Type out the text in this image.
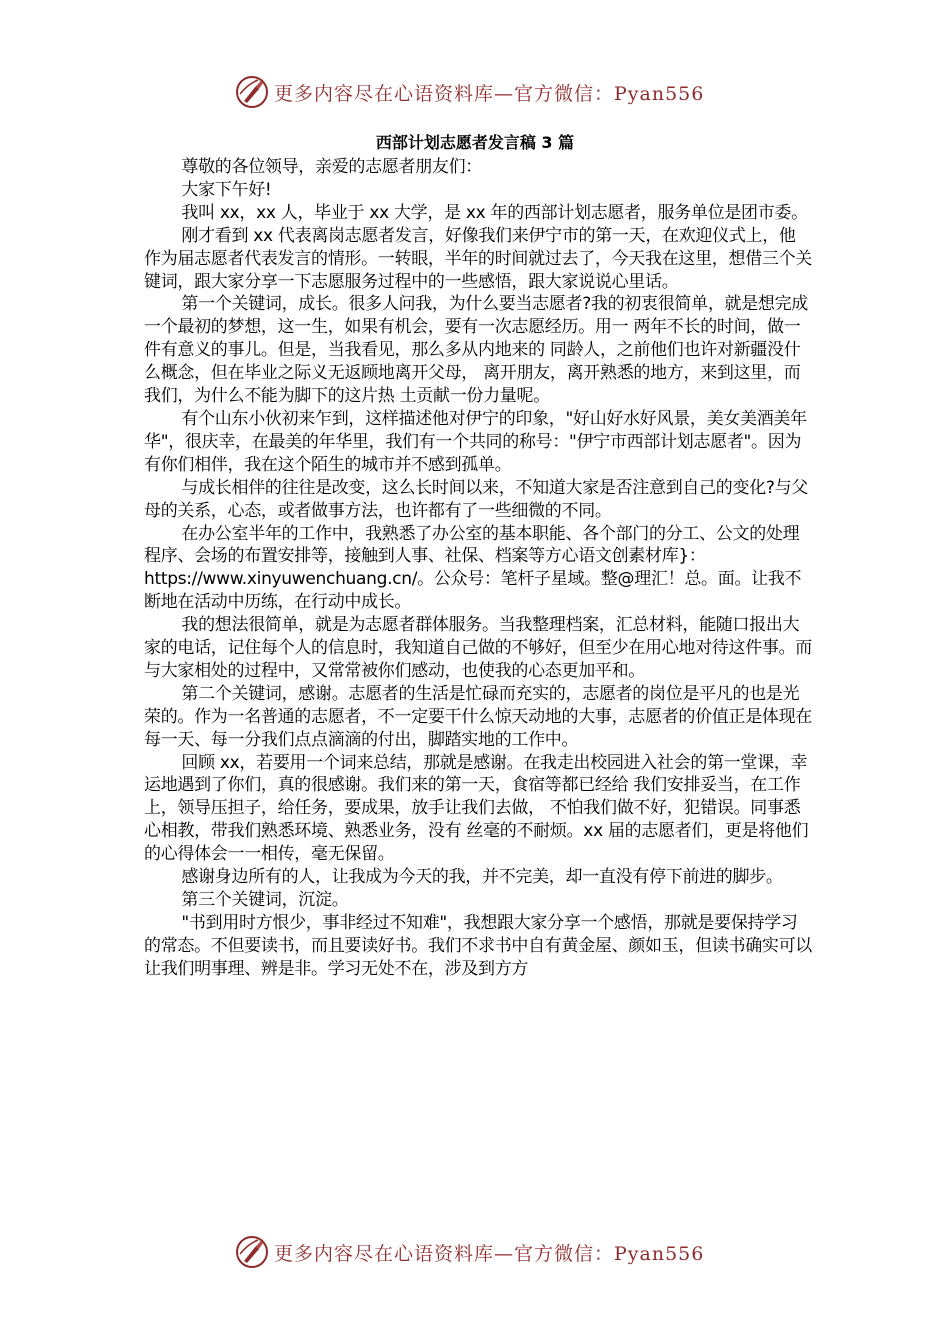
更多内容尽在心语资料库—官方微信：Pyan556
西部计划志愿者发言稿 3 篇

尊敬的各位领导，亲爱的志愿者朋友们：

大家下午好!

我叫 xx，xx 人，毕业于 xx 大学，是 xx 年的西部计划志愿者，服务单位是团市委。

刚才看到 xx 代表离岗志愿者发言，好像我们来伊宁市的第一天，在欢迎仪式上，他作为届志愿者代表发言的情形。一转眼，半年的时间就过去了，今天我在这里，想借三个关键词，跟大家分享一下志愿服务过程中的一些感悟，跟大家说说心里话。

第一个关键词，成长。很多人问我，为什么要当志愿者?我的初衷很简单，就是想完成一个最初的梦想，这一生，如果有机会，要有一次志愿经历。用一 两年不长的时间，做一件有意义的事儿。但是，当我看见，那么多从内地来的 同龄人，之前他们也许对新疆没什么概念，但在毕业之际义无返顾地离开父母， 离开朋友，离开熟悉的地方，来到这里，而我们，为什么不能为脚下的这片热 土贡献一份力量呢。

有个山东小伙初来乍到，这样描述他对伊宁的印象，"好山好水好风景，美女美酒美年华"，很庆幸，在最美的年华里，我们有一个共同的称号："伊宁市西部计划志愿者"。因为有你们相伴，我在这个陌生的城市并不感到孤单。

与成长相伴的往往是改变，这么长时间以来，不知道大家是否注意到自己的变化?与父母的关系，心态，或者做事方法，也许都有了一些细微的不同。

在办公室半年的工作中，我熟悉了办公室的基本职能、各个部门的分工、公文的处理程序、会场的布置安排等，接触到人事、社保、档案等方心语文创素材库}：https://www.xinyuwenchuang.cn/。公众号：笔杆子星域。整@理汇！总。面。让我不断地在活动中历练，在行动中成长。

我的想法很简单，就是为志愿者群体服务。当我整理档案，汇总材料，能随口报出大家的电话，记住每个人的信息时，我知道自己做的不够好，但至少在用心地对待这件事。而与大家相处的过程中，又常常被你们感动，也使我的心态更加平和。

第二个关键词，感谢。志愿者的生活是忙碌而充实的，志愿者的岗位是平凡的也是光荣的。作为一名普通的志愿者，不一定要干什么惊天动地的大事，志愿者的价值正是体现在每一天、每一分我们点点滴滴的付出，脚踏实地的工作中。

回顾 xx，若要用一个词来总结，那就是感谢。在我走出校园进入社会的第一堂课，幸运地遇到了你们，真的很感谢。我们来的第一天，食宿等都已经给 我们安排妥当，在工作上，领导压担子，给任务，要成果，放手让我们去做， 不怕我们做不好，犯错误。同事悉心相教，带我们熟悉环境、熟悉业务，没有 丝毫的不耐烦。xx 届的志愿者们，更是将他们的心得体会一一相传，毫无保留。

感谢身边所有的人，让我成为今天的我，并不完美，却一直没有停下前进的脚步。

第三个关键词，沉淀。

"书到用时方恨少，事非经过不知难"，我想跟大家分享一个感悟，那就是要保持学习的常态。不但要读书，而且要读好书。我们不求书中自有黄金屋、颜如玉，但读书确实可以让我们明事理、辨是非。学习无处不在，涉及到方方

更多内容尽在心语资料库—官方微信：Pyan556
